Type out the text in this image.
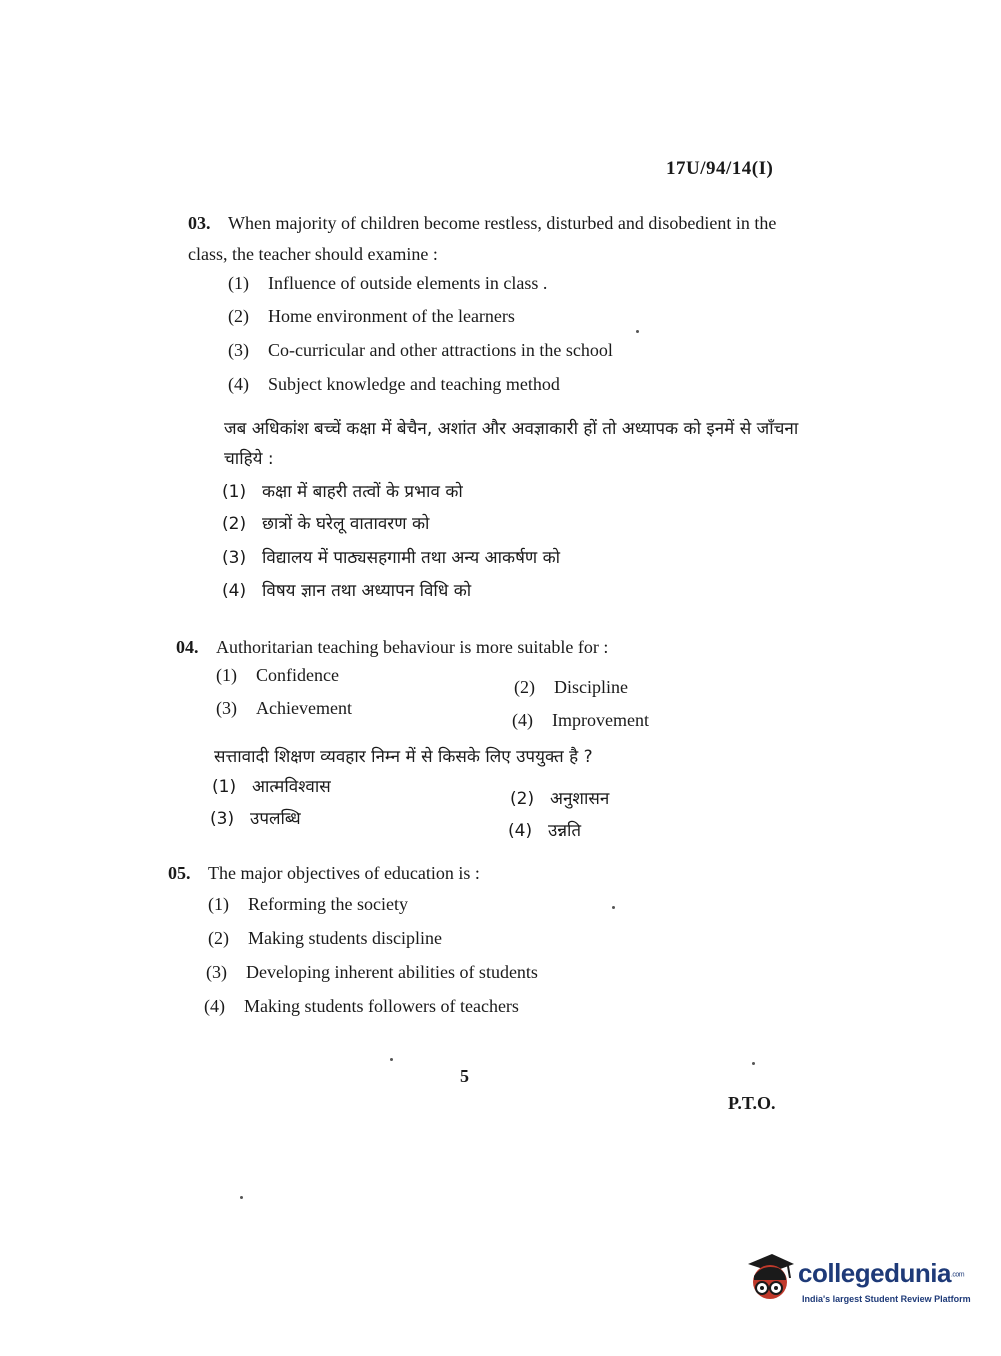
17U/94/14(I)
03. When majority of children become restless, disturbed and disobedient in the class, the teacher should examine :
(1) Influence of outside elements in class .
(2) Home environment of the learners
(3) Co-curricular and other attractions in the school
(4) Subject knowledge and teaching method
जब अधिकांश बच्चें कक्षा में बेचैन, अशांत और अवज्ञाकारी हों तो अध्यापक को इनमें से जाँचना चाहिये :
(1) कक्षा में बाहरी तत्वों के प्रभाव को
(2) छात्रों के घरेलू वातावरण को
(3) विद्यालय में पाठ्यसहगामी तथा अन्य आकर्षण को
(4) विषय ज्ञान तथा अध्यापन विधि को
04. Authoritarian teaching behaviour is more suitable for :
(1) Confidence
(2) Discipline
(3) Achievement
(4) Improvement
सत्तावादी शिक्षण व्यवहार निम्न में से किसके लिए उपयुक्त है ?
(1) आत्मविश्वास
(2) अनुशासन
(3) उपलब्धि
(4) उन्नति
05. The major objectives of education is :
(1) Reforming the society
(2) Making students discipline
(3) Developing inherent abilities of students
(4) Making students followers of teachers
5
P.T.O.
collegedunia.com
India's largest Student Review Platform
